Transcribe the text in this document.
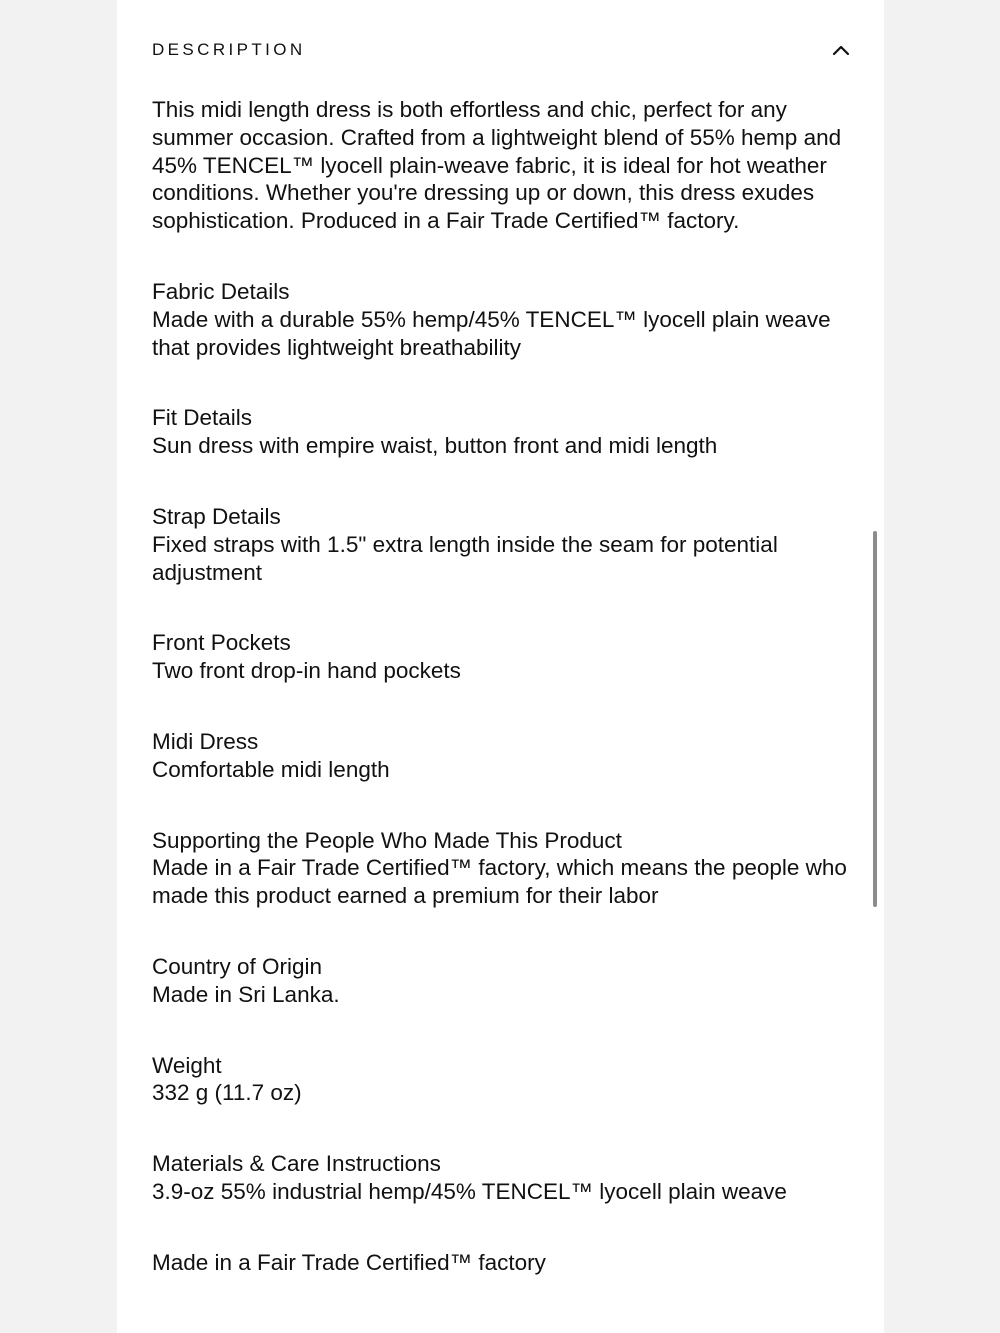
DESCRIPTION

This midi length dress is both effortless and chic, perfect for any summer occasion. Crafted from a lightweight blend of 55% hemp and 45% TENCEL™ lyocell plain-weave fabric, it is ideal for hot weather conditions. Whether you're dressing up or down, this dress exudes sophistication. Produced in a Fair Trade Certified™ factory.

Fabric Details
Made with a durable 55% hemp/45% TENCEL™ lyocell plain weave that provides lightweight breathability
Fit Details
Sun dress with empire waist, button front and midi length
Strap Details
Fixed straps with 1.5" extra length inside the seam for potential adjustment
Front Pockets
Two front drop-in hand pockets
Midi Dress
Comfortable midi length
Supporting the People Who Made This Product
Made in a Fair Trade Certified™ factory, which means the people who made this product earned a premium for their labor
Country of Origin
Made in Sri Lanka.
Weight
332 g (11.7 oz)
Materials & Care Instructions
3.9-oz 55% industrial hemp/45% TENCEL™ lyocell plain weave
Made in a Fair Trade Certified™ factory
